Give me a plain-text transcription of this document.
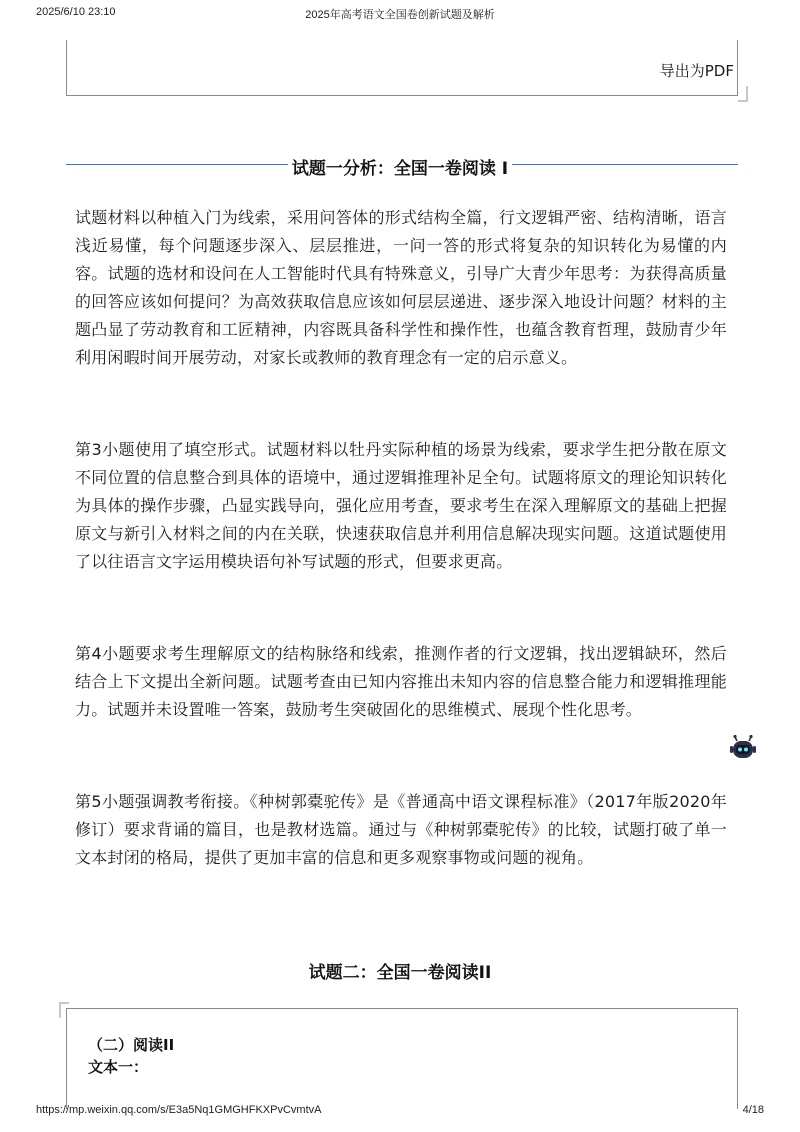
2025年高考语文全国卷创新试题及解析
2025/6/10 23:10
导出为PDF
试题一分析：全国一卷阅读 I

试题材料以种植入门为线索，采用问答体的形式结构全篇，行文逻辑严密、结构清晰，语言浅近易懂，每个问题逐步深入、层层推进，一问一答的形式将复杂的知识转化为易懂的内容。试题的选材和设问在人工智能时代具有特殊意义，引导广大青少年思考：为获得高质量的回答应该如何提问？为高效获取信息应该如何层层递进、逐步深入地设计问题？材料的主题凸显了劳动教育和工匠精神，内容既具备科学性和操作性，也蕴含教育哲理，鼓励青少年利用闲暇时间开展劳动，对家长或教师的教育理念有一定的启示意义。

第3小题使用了填空形式。试题材料以牡丹实际种植的场景为线索，要求学生把分散在原文不同位置的信息整合到具体的语境中，通过逻辑推理补足全句。试题将原文的理论知识转化为具体的操作步骤，凸显实践导向，强化应用考查，要求考生在深入理解原文的基础上把握原文与新引入材料之间的内在关联，快速获取信息并利用信息解决现实问题。这道试题使用了以往语言文字运用模块语句补写试题的形式，但要求更高。

第4小题要求考生理解原文的结构脉络和线索，推测作者的行文逻辑，找出逻辑缺环，然后结合上下文提出全新问题。试题考查由已知内容推出未知内容的信息整合能力和逻辑推理能力。试题并未设置唯一答案，鼓励考生突破固化的思维模式、展现个性化思考。

第5小题强调教考衔接。《种树郭橐驼传》是《普通高中语文课程标准》（2017年版2020年修订）要求背诵的篇目，也是教材选篇。通过与《种树郭橐驼传》的比较，试题打破了单一文本封闭的格局，提供了更加丰富的信息和更多观察事物或问题的视角。

试题二：全国一卷阅读II
（二）阅读II
文本一：
https://mp.weixin.qq.com/s/E3a5Nq1GMGHFKXPvCvmtvA	4/18
